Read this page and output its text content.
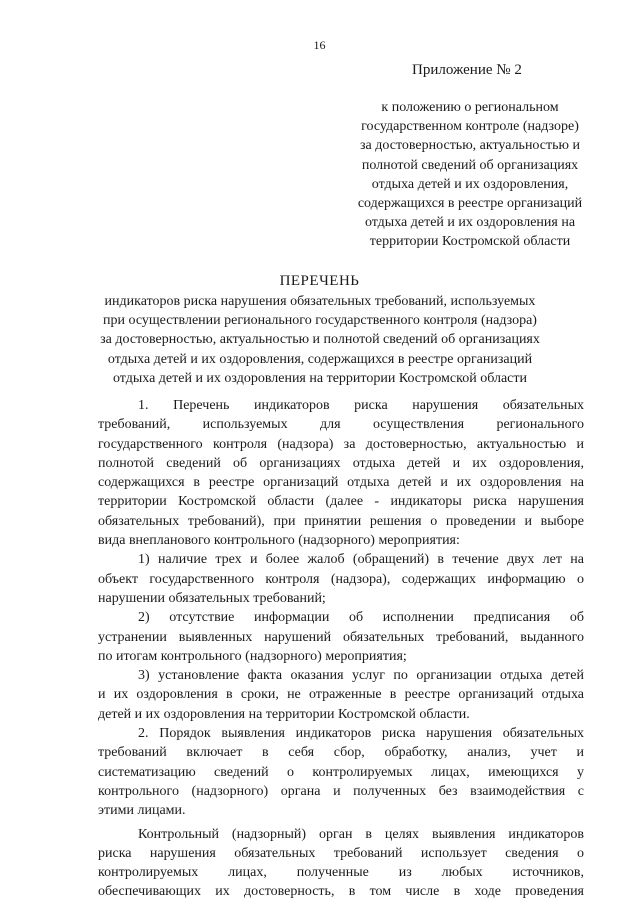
16
Приложение № 2
к положению о региональном
государственном контроле (надзоре)
за достоверностью, актуальностью и
полнотой сведений об организациях
отдыха детей и их оздоровления,
содержащихся в реестре организаций
отдыха детей и их оздоровления на
территории Костромской области
ПЕРЕЧЕНЬ
индикаторов риска нарушения обязательных требований, используемых
при осуществлении регионального государственного контроля (надзора)
за достоверностью, актуальностью и полнотой сведений об организациях
отдыха детей и их оздоровления, содержащихся в реестре организаций
отдыха детей и их оздоровления на территории Костромской области
1. Перечень индикаторов риска нарушения обязательных
требований, используемых для осуществления регионального
государственного контроля (надзора) за достоверностью, актуальностью и
полнотой сведений об организациях отдыха детей и их оздоровления,
содержащихся в реестре организаций отдыха детей и их оздоровления на
территории Костромской области (далее - индикаторы риска нарушения
обязательных требований), при принятии решения о проведении и выборе
вида внепланового контрольного (надзорного) мероприятия:
1) наличие трех и более жалоб (обращений) в течение двух лет на
объект государственного контроля (надзора), содержащих информацию о
нарушении обязательных требований;
2) отсутствие информации об исполнении предписания об
устранении выявленных нарушений обязательных требований, выданного
по итогам контрольного (надзорного) мероприятия;
3) установление факта оказания услуг по организации отдыха детей
и их оздоровления в сроки, не отраженные в реестре организаций отдыха
детей и их оздоровления на территории Костромской области.
2. Порядок выявления индикаторов риска нарушения обязательных
требований включает в себя сбор, обработку, анализ, учет и
систематизацию сведений о контролируемых лицах, имеющихся у
контрольного (надзорного) органа и полученных без взаимодействия с
этими лицами.
Контрольный (надзорный) орган в целях выявления индикаторов
риска нарушения обязательных требований использует сведения о
контролируемых лицах, полученные из любых источников,
обеспечивающих их достоверность, в том числе в ходе проведения
